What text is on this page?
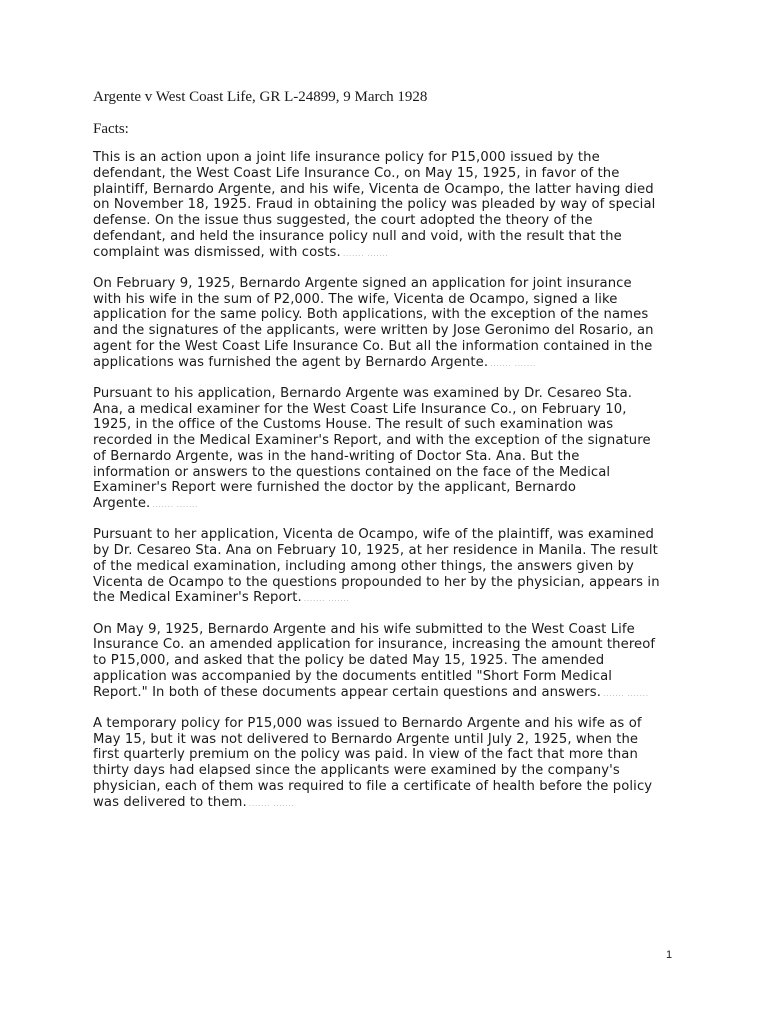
Argente v West Coast Life, GR L-24899, 9 March 1928
Facts:
This is an action upon a joint life insurance policy for P15,000 issued by the
defendant, the West Coast Life Insurance Co., on May 15, 1925, in favor of the
plaintiff, Bernardo Argente, and his wife, Vicenta de Ocampo, the latter having died
on November 18, 1925. Fraud in obtaining the policy was pleaded by way of special
defense. On the issue thus suggested, the court adopted the theory of the
defendant, and held the insurance policy null and void, with the result that the
complaint was dismissed, with costs. ....... .......
On February 9, 1925, Bernardo Argente signed an application for joint insurance
with his wife in the sum of P2,000. The wife, Vicenta de Ocampo, signed a like
application for the same policy. Both applications, with the exception of the names
and the signatures of the applicants, were written by Jose Geronimo del Rosario, an
agent for the West Coast Life Insurance Co. But all the information contained in the
applications was furnished the agent by Bernardo Argente. ....... .......
Pursuant to his application, Bernardo Argente was examined by Dr. Cesareo Sta.
Ana, a medical examiner for the West Coast Life Insurance Co., on February 10,
1925, in the office of the Customs House. The result of such examination was
recorded in the Medical Examiner's Report, and with the exception of the signature
of Bernardo Argente, was in the hand-writing of Doctor Sta. Ana. But the
information or answers to the questions contained on the face of the Medical
Examiner's Report were furnished the doctor by the applicant, Bernardo
Argente. ....... .......
Pursuant to her application, Vicenta de Ocampo, wife of the plaintiff, was examined
by Dr. Cesareo Sta. Ana on February 10, 1925, at her residence in Manila. The result
of the medical examination, including among other things, the answers given by
Vicenta de Ocampo to the questions propounded to her by the physician, appears in
the Medical Examiner's Report. ....... .......
On May 9, 1925, Bernardo Argente and his wife submitted to the West Coast Life
Insurance Co. an amended application for insurance, increasing the amount thereof
to P15,000, and asked that the policy be dated May 15, 1925. The amended
application was accompanied by the documents entitled "Short Form Medical
Report." In both of these documents appear certain questions and answers. ....... .......
A temporary policy for P15,000 was issued to Bernardo Argente and his wife as of
May 15, but it was not delivered to Bernardo Argente until July 2, 1925, when the
first quarterly premium on the policy was paid. In view of the fact that more than
thirty days had elapsed since the applicants were examined by the company's
physician, each of them was required to file a certificate of health before the policy
was delivered to them. ....... .......
1
